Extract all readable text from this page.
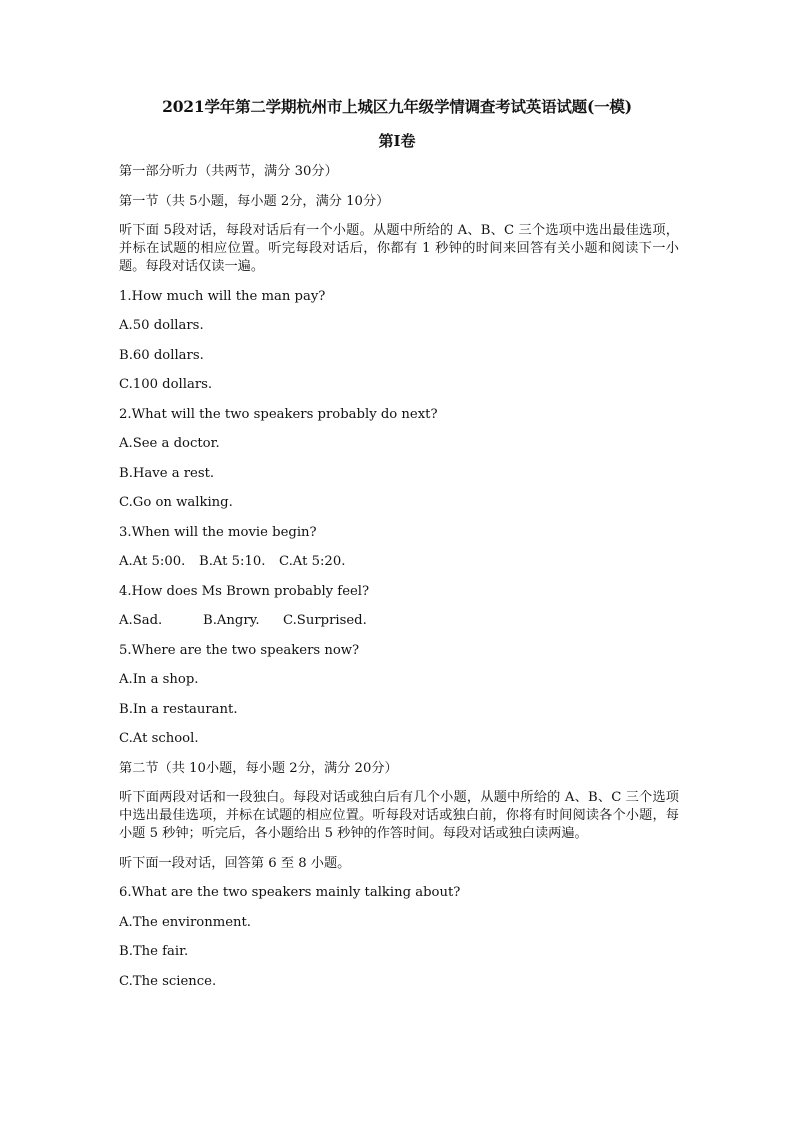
2021学年第二学期杭州市上城区九年级学情调查考试英语试题(一模)
第I卷

第一部分听力（共两节，满分 30分）

第一节（共 5小题，每小题 2分，满分 10分）

听下面 5段对话，每段对话后有一个小题。从题中所给的 A、B、C 三个选项中选出最佳选项，并标在试题的相应位置。听完每段对话后，你都有 1 秒钟的时间来回答有关小题和阅读下一小题。每段对话仅读一遍。

1.How much will the man pay?

A.50 dollars.

B.60 dollars.

C.100 dollars.

2.What will the two speakers probably do next?

A.See a doctor.

B.Have a rest.

C.Go on walking.

3.When will the movie begin?

A.At 5:00.	B.At 5:10.	C.At 5:20.

4.How does Ms Brown probably feel?

A.Sad.	B.Angry.	C.Surprised.

5.Where are the two speakers now?

A.In a shop.

B.In a restaurant.

C.At school.

第二节（共 10小题，每小题 2分，满分 20分）

听下面两段对话和一段独白。每段对话或独白后有几个小题，从题中所给的 A、B、C 三个选项中选出最佳选项，并标在试题的相应位置。听每段对话或独白前，你将有时间阅读各个小题，每小题 5 秒钟；听完后，各小题给出 5 秒钟的作答时间。每段对话或独白读两遍。

听下面一段对话，回答第 6 至 8 小题。

6.What are the two speakers mainly talking about?

A.The environment.

B.The fair.

C.The science.
